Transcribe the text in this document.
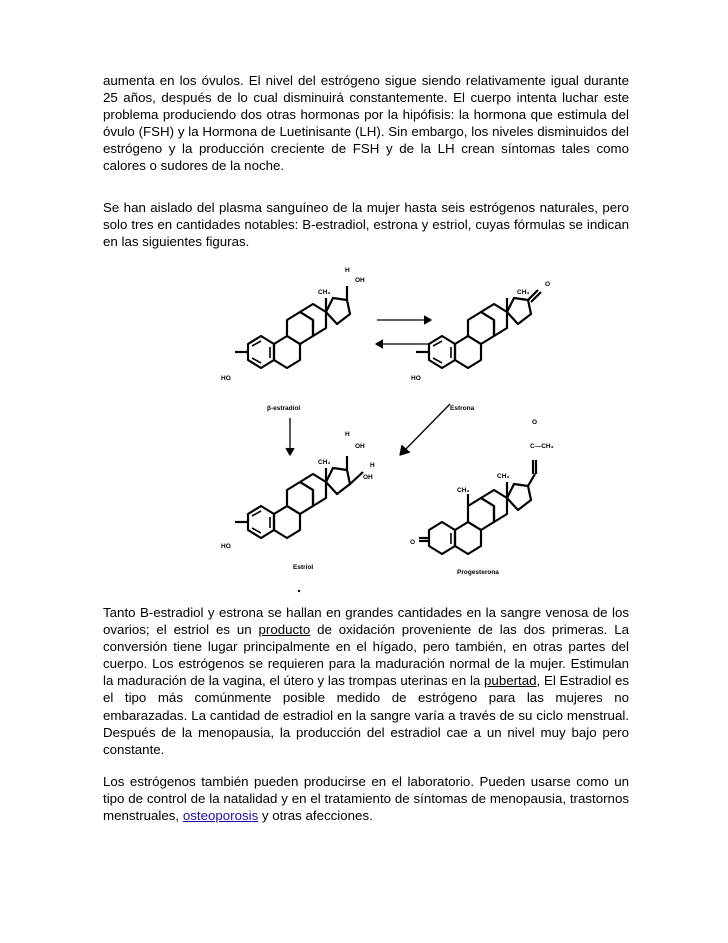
aumenta en los óvulos. El nivel del estrógeno sigue siendo relativamente igual durante 25 años, después de lo cual disminuirá constantemente. El cuerpo intenta luchar este problema produciendo dos otras hormonas por la hipófisis: la hormona que estimula del óvulo (FSH) y la Hormona de Luetinisante (LH). Sin embargo, los niveles disminuidos del estrógeno y la producción creciente de FSH y de la LH crean síntomas tales como calores o sudores de la noche.

Se han aislado del plasma sanguíneo de la mujer hasta seis estrógenos naturales, pero solo tres en cantidades notables: B-estradiol, estrona y estriol, cuyas fórmulas se indican en las siguientes figuras.

HO
CH₃
H
OH
β-estradiol
HO
CH₃
O
Estrona
HO
CH₃
H
OH
H
OH
Estriol
CH₃
CH₃
O
C—CH₃
O
Progesterona

Tanto B-estradiol y estrona se hallan en grandes cantidades en la sangre venosa de los ovarios; el estriol es un producto de oxidación proveniente de las dos primeras. La conversión tiene lugar principalmente en el hígado, pero también, en otras partes del cuerpo. Los estrógenos se requieren para la maduración normal de la mujer. Estimulan la maduración de la vagina, el útero y las trompas uterinas en la pubertad, El Estradiol es el tipo más comúnmente posible medido de estrógeno para las mujeres no embarazadas. La cantidad de estradiol en la sangre varía a través de su ciclo menstrual. Después de la menopausia, la producción del estradiol cae a un nivel muy bajo pero constante.

Los estrógenos también pueden producirse en el laboratorio. Pueden usarse como un tipo de control de la natalidad y en el tratamiento de síntomas de menopausia, trastornos menstruales, osteoporosis y otras afecciones.
